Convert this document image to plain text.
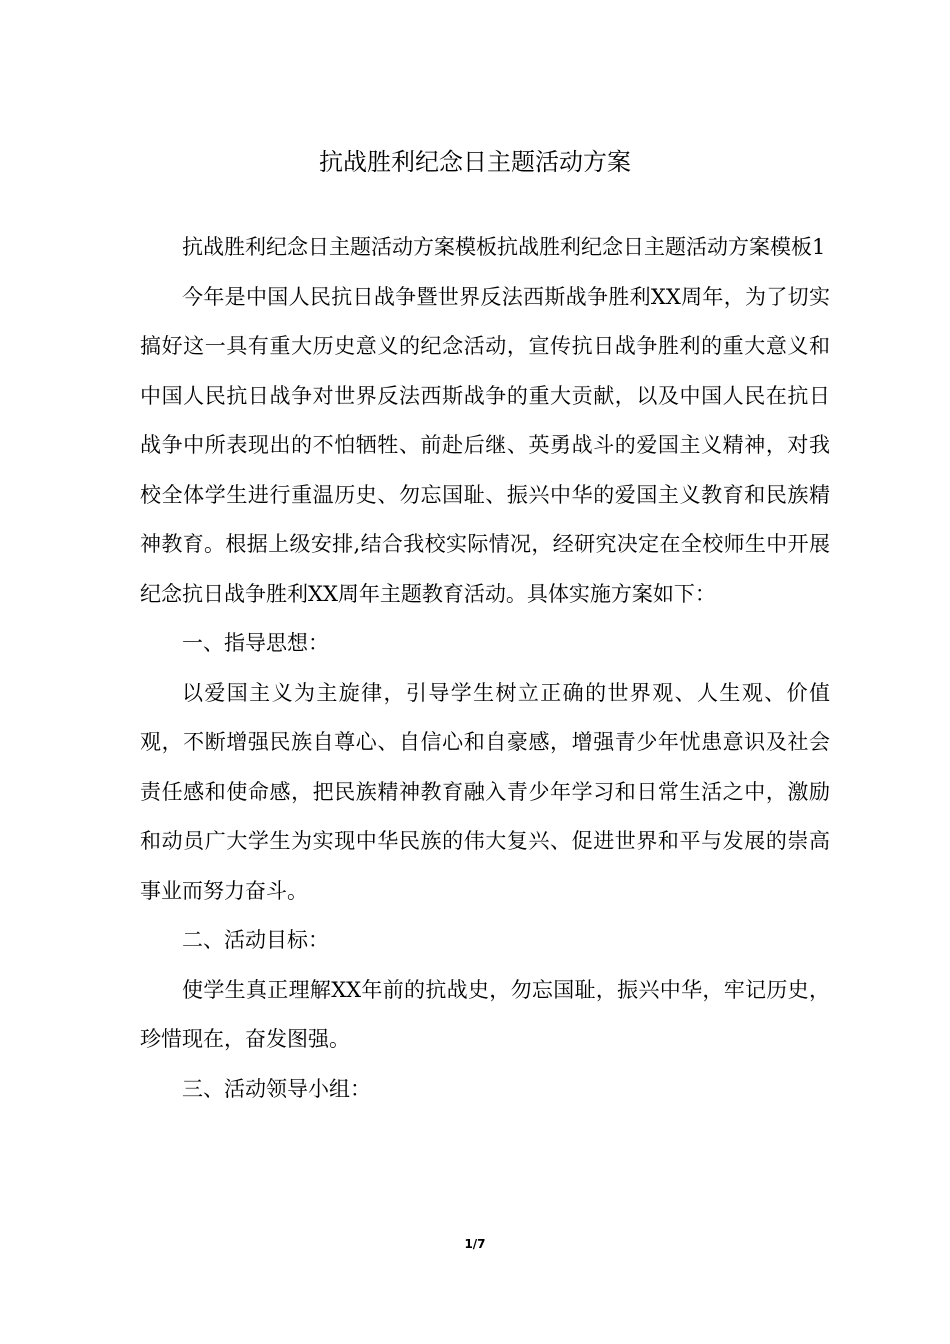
抗战胜利纪念日主题活动方案

抗战胜利纪念日主题活动方案模板抗战胜利纪念日主题活动方案模板1

今年是中国人民抗日战争暨世界反法西斯战争胜利XX周年，为了切实搞好这一具有重大历史意义的纪念活动，宣传抗日战争胜利的重大意义和中国人民抗日战争对世界反法西斯战争的重大贡献，以及中国人民在抗日战争中所表现出的不怕牺牲、前赴后继、英勇战斗的爱国主义精神，对我校全体学生进行重温历史、勿忘国耻、振兴中华的爱国主义教育和民族精神教育。根据上级安排,结合我校实际情况，经研究决定在全校师生中开展纪念抗日战争胜利XX周年主题教育活动。具体实施方案如下：

一、指导思想：

以爱国主义为主旋律，引导学生树立正确的世界观、人生观、价值观，不断增强民族自尊心、自信心和自豪感，增强青少年忧患意识及社会责任感和使命感，把民族精神教育融入青少年学习和日常生活之中，激励和动员广大学生为实现中华民族的伟大复兴、促进世界和平与发展的崇高事业而努力奋斗。

二、活动目标：

使学生真正理解XX年前的抗战史，勿忘国耻，振兴中华，牢记历史，珍惜现在，奋发图强。

三、活动领导小组：

1/7
